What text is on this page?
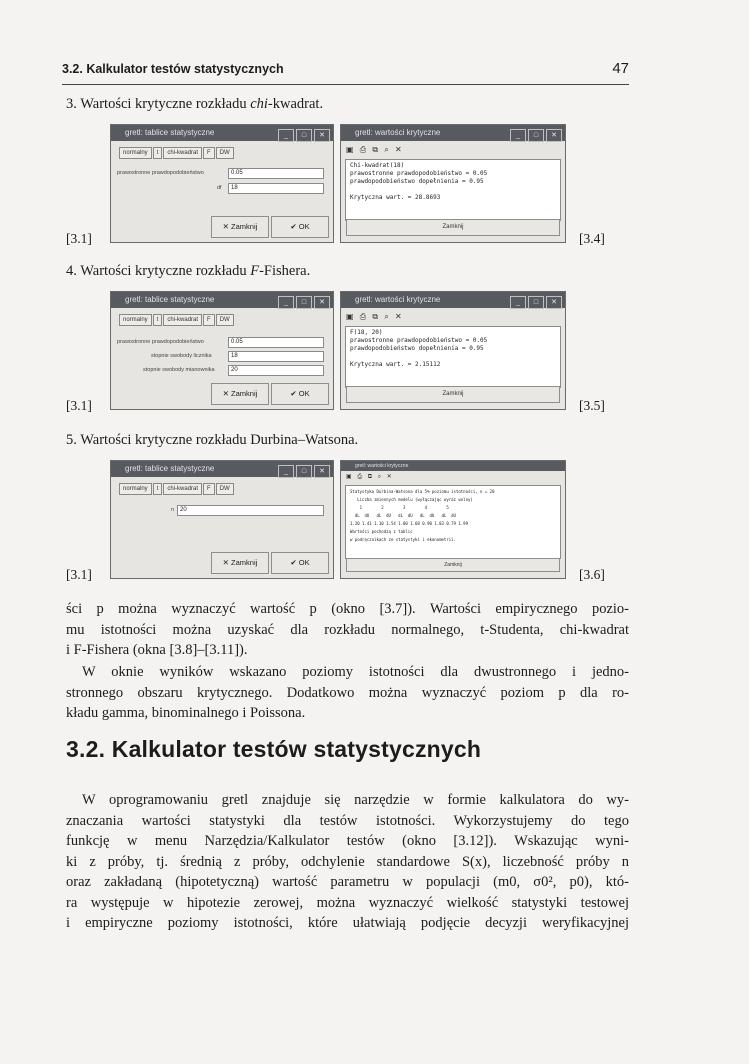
3.2. Kalkulator testów statystycznych	47
3. Wartości krytyczne rozkładu chi-kwadrat.
gretl: tablice statystyczne	_ □ ✕
normalny t chi-kwadrat F DW
prawostronne prawdopodobieństwo	0.05
df	18
✕ Zamknij	✔ OK
[3.1]
gretl: wartości krytyczne	_ □ ✕
▣ ⎙ ⧉ ⌕ ✕
Chi-kwadrat(18)
prawostronne prawdopodobieństwo = 0.05
prawdopodobieństwo dopełnienia = 0.95

Krytyczna wart. = 28.8693
Zamknij
[3.4]
4. Wartości krytyczne rozkładu F-Fishera.
gretl: tablice statystyczne	_ □ ✕
normalny t chi-kwadrat F DW
prawostronne prawdopodobieństwo	0.05
stopnie swobody licznika	18
stopnie swobody mianownika	20
✕ Zamknij	✔ OK
[3.1]
gretl: wartości krytyczne	_ □ ✕
▣ ⎙ ⧉ ⌕ ✕
F(18, 20)
prawostronne prawdopodobieństwo = 0.05
prawdopodobieństwo dopełnienia = 0.95

Krytyczna wart. = 2.15112
Zamknij
[3.5]
5. Wartości krytyczne rozkładu Durbina–Watsona.
gretl: tablice statystyczne	_ □ ✕
normalny t chi-kwadrat F DW
n 20
✕ Zamknij	✔ OK
[3.1]
gretl: wartości krytyczne
▣ ⎙ ⧉ ⌕ ✕
Statystyka Durbina-Watsona dla 5% poziomu istotności, n = 20
Liczba zmiennych modelu (wyłączając wyraz wolny)
1        2        3        4        5
dL  dU   dL  dU   dL  dU   dL  dU   dL  dU
1.20 1.41 1.10 1.54 1.00 1.68 0.90 1.83 0.79 1.99
Wartości pochodzą z tablic
w podręcznikach ze statystyki i ekonometrii.
Zamknij
[3.6]
ści p można wyznaczyć wartość p (okno [3.7]). Wartości empirycznego pozio-
mu istotności można uzyskać dla rozkładu normalnego, t-Studenta, chi-kwadrat
i F-Fishera (okna [3.8]–[3.11]).
W oknie wyników wskazano poziomy istotności dla dwustronnego i jedno-
stronnego obszaru krytycznego. Dodatkowo można wyznaczyć poziom p dla ro-
kładu gamma, binominalnego i Poissona.
3.2. Kalkulator testów statystycznych
W oprogramowaniu gretl znajduje się narzędzie w formie kalkulatora do wy-
znaczania wartości statystyki dla testów istotności. Wykorzystujemy do tego
funkcję w menu Narzędzia/Kalkulator testów (okno [3.12]). Wskazując wyni-
ki z próby, tj. średnią z próby, odchylenie standardowe S(x), liczebność próby n
oraz zakładaną (hipotetyczną) wartość parametru w populacji (m0, σ0², p0), któ-
ra występuje w hipotezie zerowej, można wyznaczyć wielkość statystyki testowej
i empiryczne poziomy istotności, które ułatwiają podjęcie decyzji weryfikacyjnej
